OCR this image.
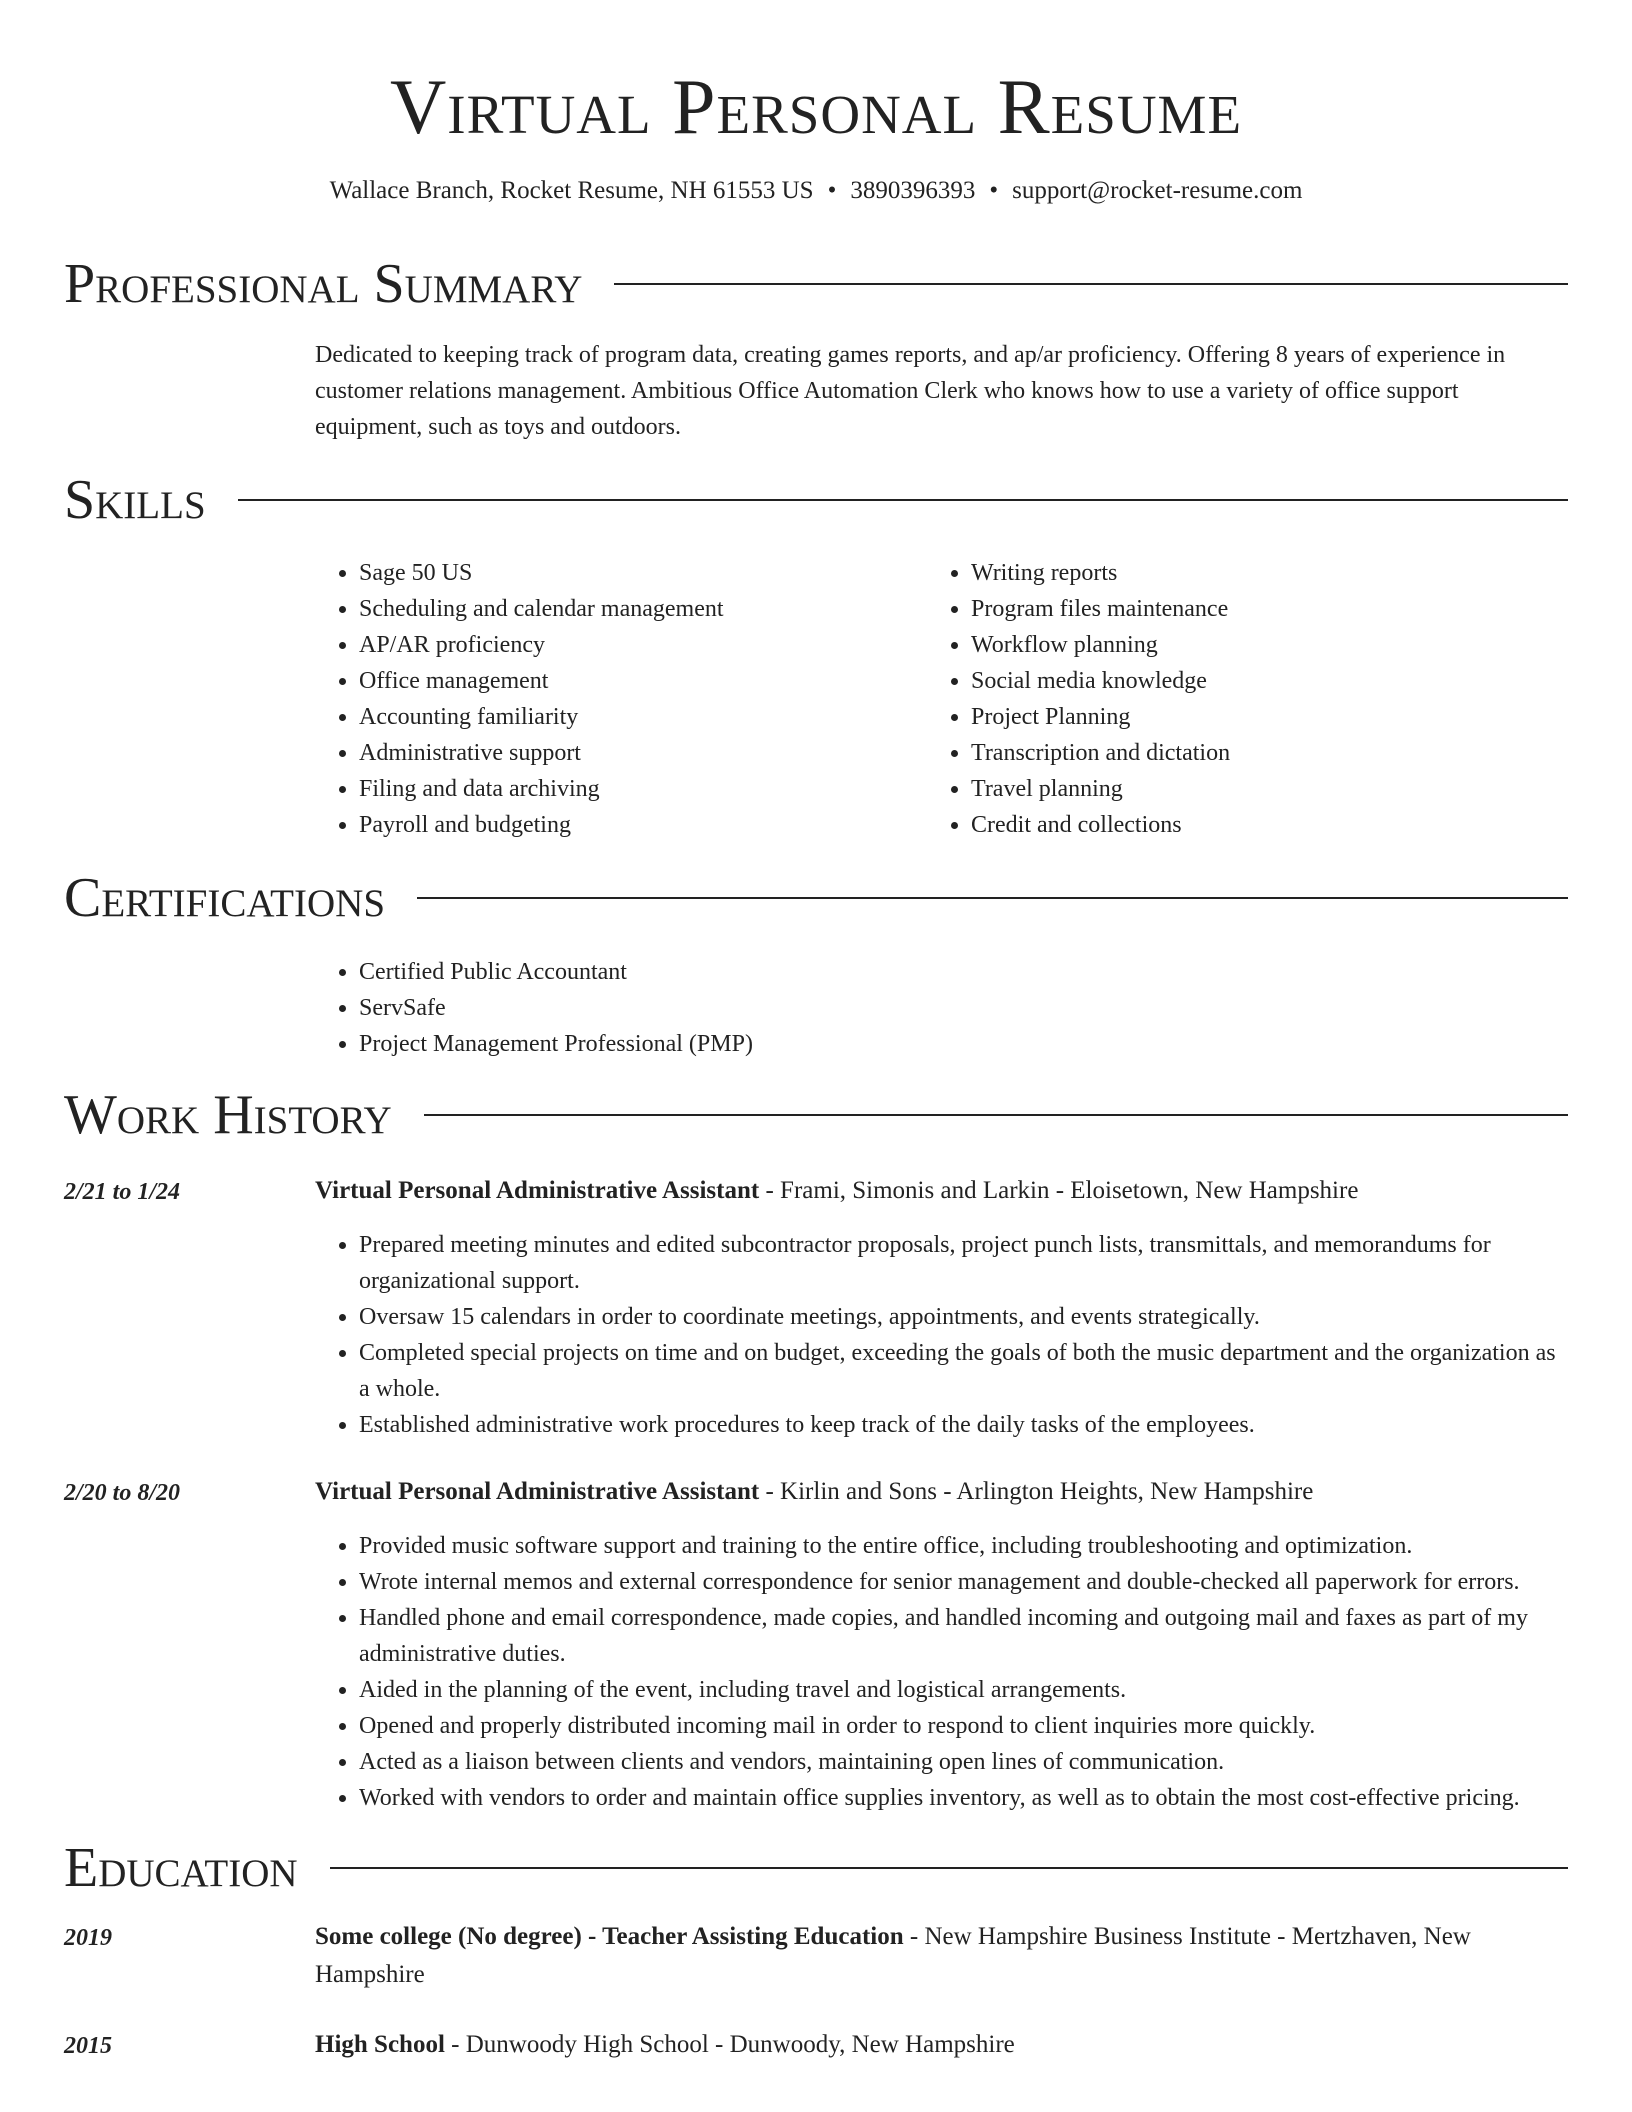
Virtual Personal Resume
Wallace Branch, Rocket Resume, NH 61553 US • 3890396393 • support@rocket-resume.com
Professional Summary

Dedicated to keeping track of program data, creating games reports, and ap/ar proficiency. Offering 8 years of experience in customer relations management. Ambitious Office Automation Clerk who knows how to use a variety of office support equipment, such as toys and outdoors.

Skills
• Sage 50 US
• Scheduling and calendar management
• AP/AR proficiency
• Office management
• Accounting familiarity
• Administrative support
• Filing and data archiving
• Payroll and budgeting
• Writing reports
• Program files maintenance
• Workflow planning
• Social media knowledge
• Project Planning
• Transcription and dictation
• Travel planning
• Credit and collections
Certifications
• Certified Public Accountant
• ServSafe
• Project Management Professional (PMP)
Work History
2/21 to 1/24	Virtual Personal Administrative Assistant - Frami, Simonis and Larkin - Eloisetown, New Hampshire
• Prepared meeting minutes and edited subcontractor proposals, project punch lists, transmittals, and memorandums for organizational support.
• Oversaw 15 calendars in order to coordinate meetings, appointments, and events strategically.
• Completed special projects on time and on budget, exceeding the goals of both the music department and the organization as a whole.
• Established administrative work procedures to keep track of the daily tasks of the employees.
2/20 to 8/20	Virtual Personal Administrative Assistant - Kirlin and Sons - Arlington Heights, New Hampshire
• Provided music software support and training to the entire office, including troubleshooting and optimization.
• Wrote internal memos and external correspondence for senior management and double-checked all paperwork for errors.
• Handled phone and email correspondence, made copies, and handled incoming and outgoing mail and faxes as part of my administrative duties.
• Aided in the planning of the event, including travel and logistical arrangements.
• Opened and properly distributed incoming mail in order to respond to client inquiries more quickly.
• Acted as a liaison between clients and vendors, maintaining open lines of communication.
• Worked with vendors to order and maintain office supplies inventory, as well as to obtain the most cost-effective pricing.
Education
2019	Some college (No degree) - Teacher Assisting Education - New Hampshire Business Institute - Mertzhaven, New Hampshire
2015	High School - Dunwoody High School - Dunwoody, New Hampshire
